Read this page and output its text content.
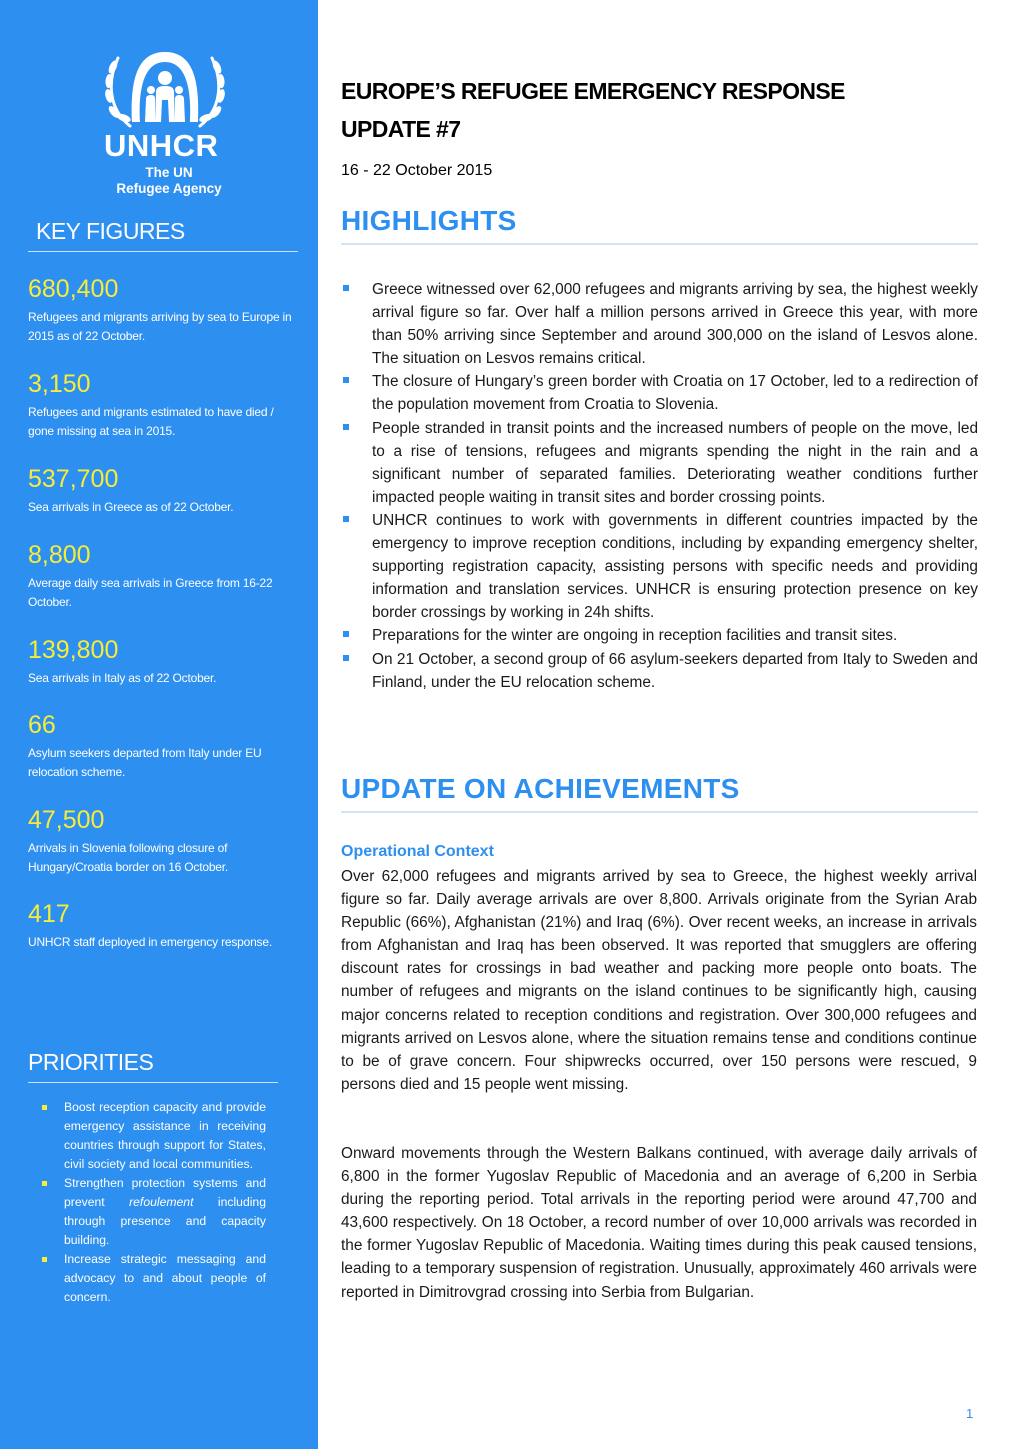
UNHCR
The UN
Refugee Agency
KEY FIGURES
680,400
Refugees and migrants arriving by sea to Europe in 2015 as of 22 October.
3,150
Refugees and migrants estimated to have died / gone missing at sea in 2015.
537,700
Sea arrivals in Greece as of 22 October.
8,800
Average daily sea arrivals in Greece from 16-22 October.
139,800
Sea arrivals in Italy as of 22 October.
66
Asylum seekers departed from Italy under EU relocation scheme.
47,500
Arrivals in Slovenia following closure of Hungary/Croatia border on 16 October.
417
UNHCR staff deployed in emergency response.
PRIORITIES
Boost reception capacity and provide emergency assistance in receiving countries through support for States, civil society and local communities.
Strengthen protection systems and prevent refoulement including through presence and capacity building.
Increase strategic messaging and advocacy to and about people of concern.
EUROPE’S REFUGEE EMERGENCY RESPONSE
UPDATE #7
16 - 22 October 2015
HIGHLIGHTS
Greece witnessed over 62,000 refugees and migrants arriving by sea, the highest weekly arrival figure so far. Over half a million persons arrived in Greece this year, with more than 50% arriving since September and around 300,000 on the island of Lesvos alone. The situation on Lesvos remains critical.
The closure of Hungary’s green border with Croatia on 17 October, led to a redirection of the population movement from Croatia to Slovenia.
People stranded in transit points and the increased numbers of people on the move, led to a rise of tensions, refugees and migrants spending the night in the rain and a significant number of separated families. Deteriorating weather conditions further impacted people waiting in transit sites and border crossing points.
UNHCR continues to work with governments in different countries impacted by the emergency to improve reception conditions, including by expanding emergency shelter, supporting registration capacity, assisting persons with specific needs and providing information and translation services. UNHCR is ensuring protection presence on key border crossings by working in 24h shifts.
Preparations for the winter are ongoing in reception facilities and transit sites.
On 21 October, a second group of 66 asylum-seekers departed from Italy to Sweden and Finland, under the EU relocation scheme.
UPDATE ON ACHIEVEMENTS
Operational Context

Over 62,000 refugees and migrants arrived by sea to Greece, the highest weekly arrival figure so far. Daily average arrivals are over 8,800. Arrivals originate from the Syrian Arab Republic (66%), Afghanistan (21%) and Iraq (6%). Over recent weeks, an increase in arrivals from Afghanistan and Iraq has been observed. It was reported that smugglers are offering discount rates for crossings in bad weather and packing more people onto boats. The number of refugees and migrants on the island continues to be significantly high, causing major concerns related to reception conditions and registration. Over 300,000 refugees and migrants arrived on Lesvos alone, where the situation remains tense and conditions continue to be of grave concern. Four shipwrecks occurred, over 150 persons were rescued, 9 persons died and 15 people went missing.

Onward movements through the Western Balkans continued, with average daily arrivals of 6,800 in the former Yugoslav Republic of Macedonia and an average of 6,200 in Serbia during the reporting period. Total arrivals in the reporting period were around 47,700 and 43,600 respectively. On 18 October, a record number of over 10,000 arrivals was recorded in the former Yugoslav Republic of Macedonia. Waiting times during this peak caused tensions, leading to a temporary suspension of registration. Unusually, approximately 460 arrivals were reported in Dimitrovgrad crossing into Serbia from Bulgarian.

1
